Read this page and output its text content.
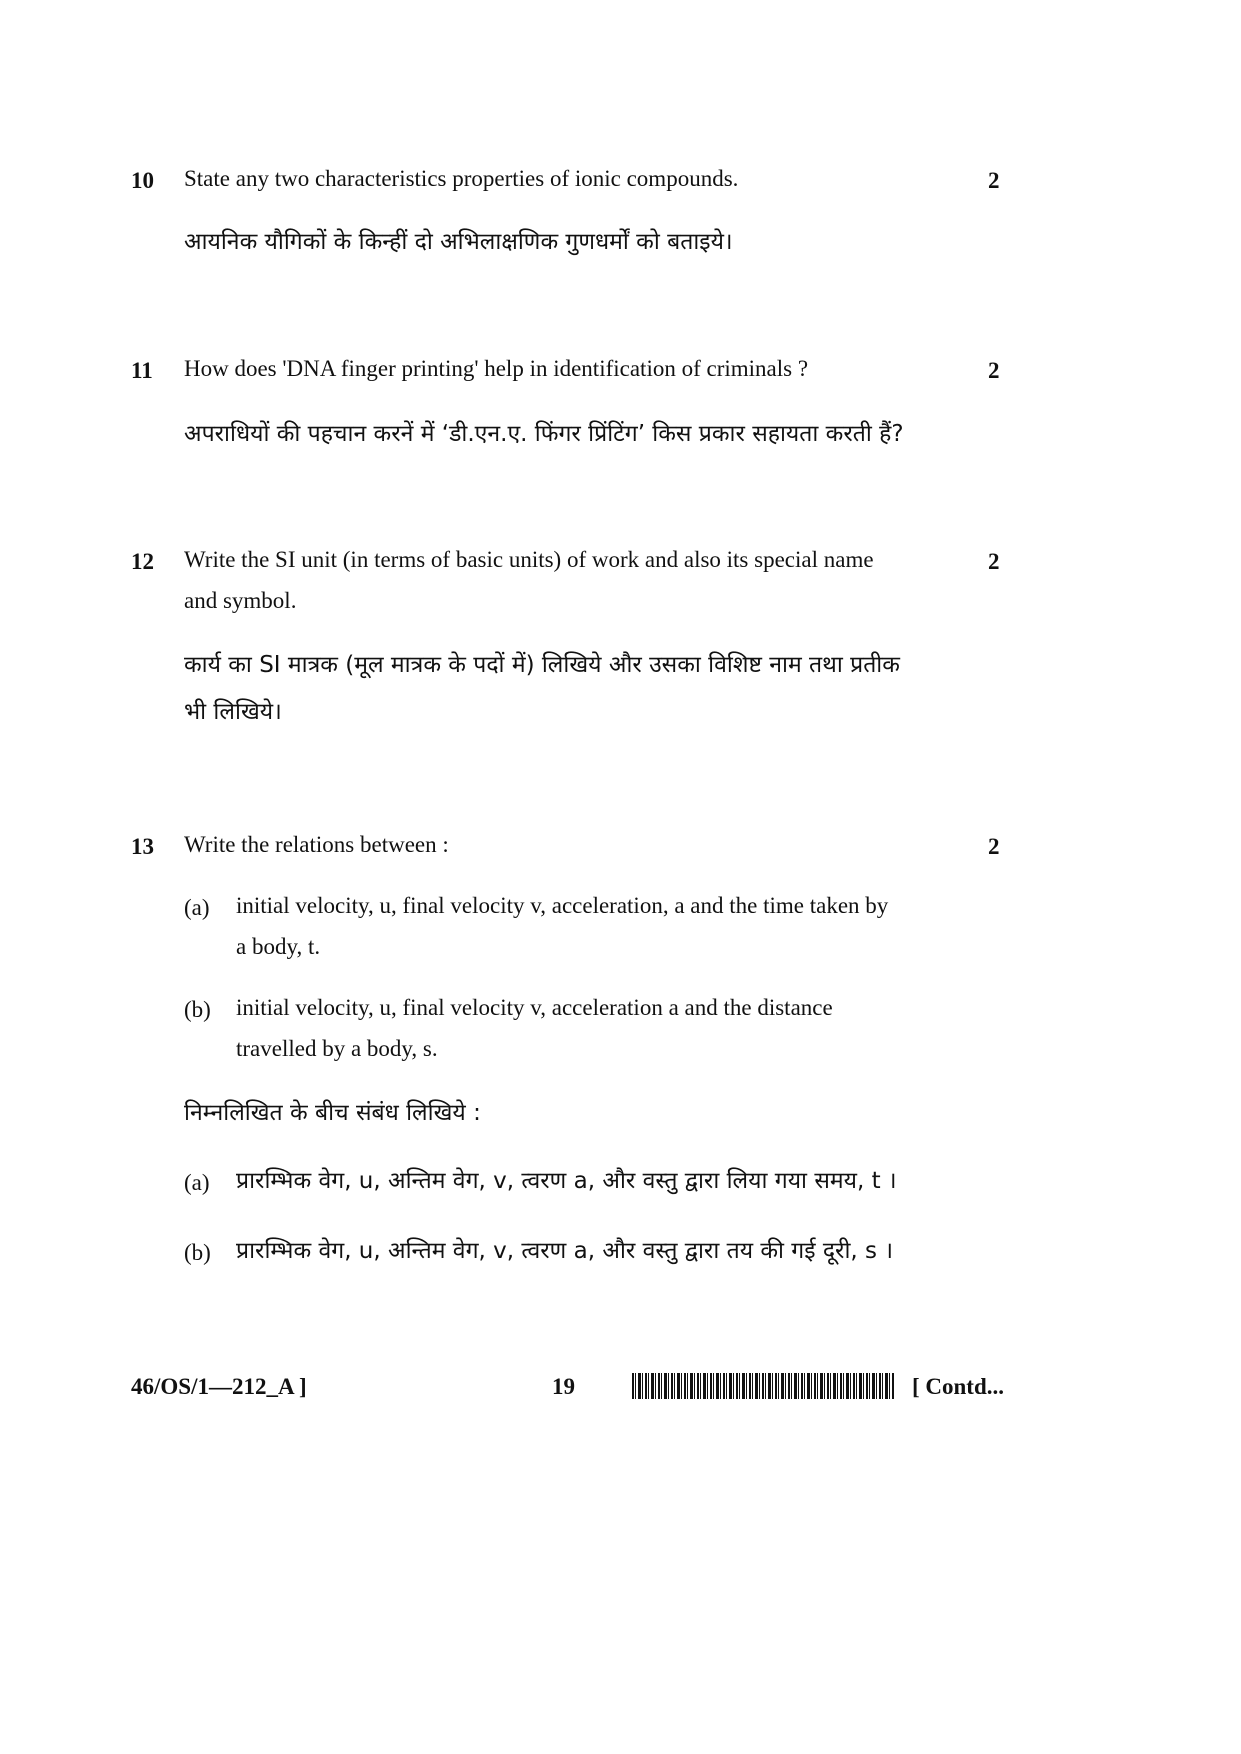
10 State any two characteristics properties of ionic compounds.	2
आयनिक यौगिकों के किन्हीं दो अभिलाक्षणिक गुणधर्मों को बताइये।
11 How does 'DNA finger printing' help in identification of criminals ?	2
अपराधियों की पहचान करनें में ‘डी.एन.ए. फिंगर प्रिंटिंग’ किस प्रकार सहायता करती हैं?
12 Write the SI unit (in terms of basic units) of work and also its special name
and symbol.
2
कार्य का SI मात्रक (मूल मात्रक के पदों में) लिखिये और उसका विशिष्ट नाम तथा प्रतीक
भी लिखिये।
13 Write the relations between :	2
(a) initial velocity, u, final velocity v, acceleration, a and the time taken by
a body, t.
(b) initial velocity, u, final velocity v, acceleration a and the distance
travelled by a body, s.
निम्नलिखित के बीच संबंध लिखिये :
(a) प्रारम्भिक वेग, u, अन्तिम वेग, v, त्वरण a, और वस्तु द्वारा लिया गया समय, t ।
(b) प्रारम्भिक वेग, u, अन्तिम वेग, v, त्वरण a, और वस्तु द्वारा तय की गई दूरी, s ।
46/OS/1—212_A ]	19	[ Contd...
